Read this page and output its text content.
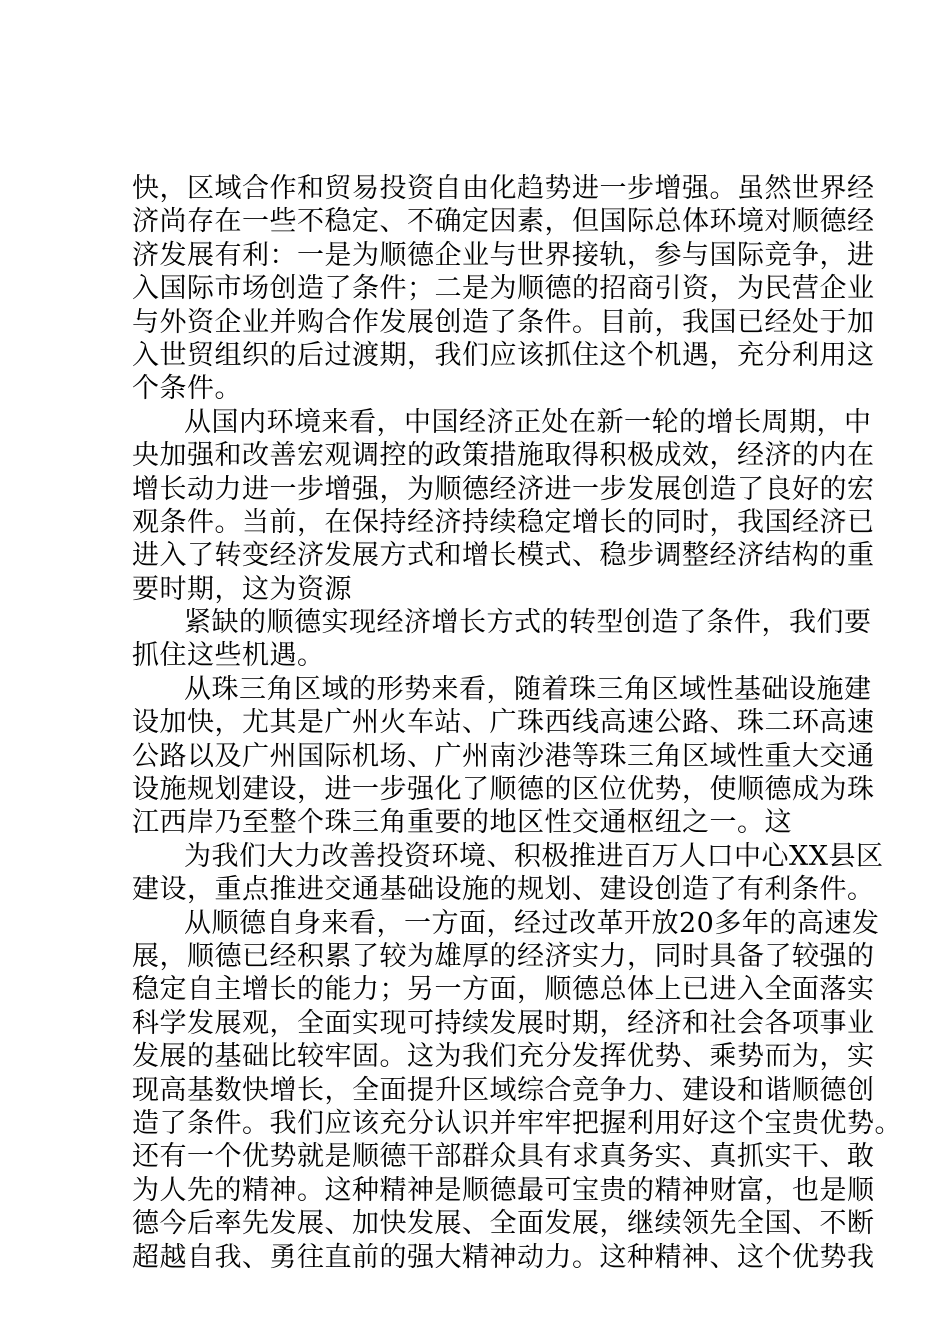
快，区域合作和贸易投资自由化趋势进一步增强。虽然世界经
济尚存在一些不稳定、不确定因素，但国际总体环境对顺德经
济发展有利：一是为顺德企业与世界接轨，参与国际竞争，进
入国际市场创造了条件；二是为顺德的招商引资，为民营企业
与外资企业并购合作发展创造了条件。目前，我国已经处于加
入世贸组织的后过渡期，我们应该抓住这个机遇，充分利用这
个条件。
从国内环境来看，中国经济正处在新一轮的增长周期，中
央加强和改善宏观调控的政策措施取得积极成效，经济的内在
增长动力进一步增强，为顺德经济进一步发展创造了良好的宏
观条件。当前，在保持经济持续稳定增长的同时，我国经济已
进入了转变经济发展方式和增长模式、稳步调整经济结构的重
要时期，这为资源
紧缺的顺德实现经济增长方式的转型创造了条件，我们要
抓住这些机遇。
从珠三角区域的形势来看，随着珠三角区域性基础设施建
设加快，尤其是广州火车站、广珠西线高速公路、珠二环高速
公路以及广州国际机场、广州南沙港等珠三角区域性重大交通
设施规划建设，进一步强化了顺德的区位优势，使顺德成为珠
江西岸乃至整个珠三角重要的地区性交通枢纽之一。这
为我们大力改善投资环境、积极推进百万人口中心XX县区
建设，重点推进交通基础设施的规划、建设创造了有利条件。
从顺德自身来看，一方面，经过改革开放20多年的高速发
展，顺德已经积累了较为雄厚的经济实力，同时具备了较强的
稳定自主增长的能力；另一方面，顺德总体上已进入全面落实
科学发展观，全面实现可持续发展时期，经济和社会各项事业
发展的基础比较牢固。这为我们充分发挥优势、乘势而为，实
现高基数快增长，全面提升区域综合竞争力、建设和谐顺德创
造了条件。我们应该充分认识并牢牢把握利用好这个宝贵优势。
还有一个优势就是顺德干部群众具有求真务实、真抓实干、敢
为人先的精神。这种精神是顺德最可宝贵的精神财富，也是顺
德今后率先发展、加快发展、全面发展，继续领先全国、不断
超越自我、勇往直前的强大精神动力。这种精神、这个优势我
